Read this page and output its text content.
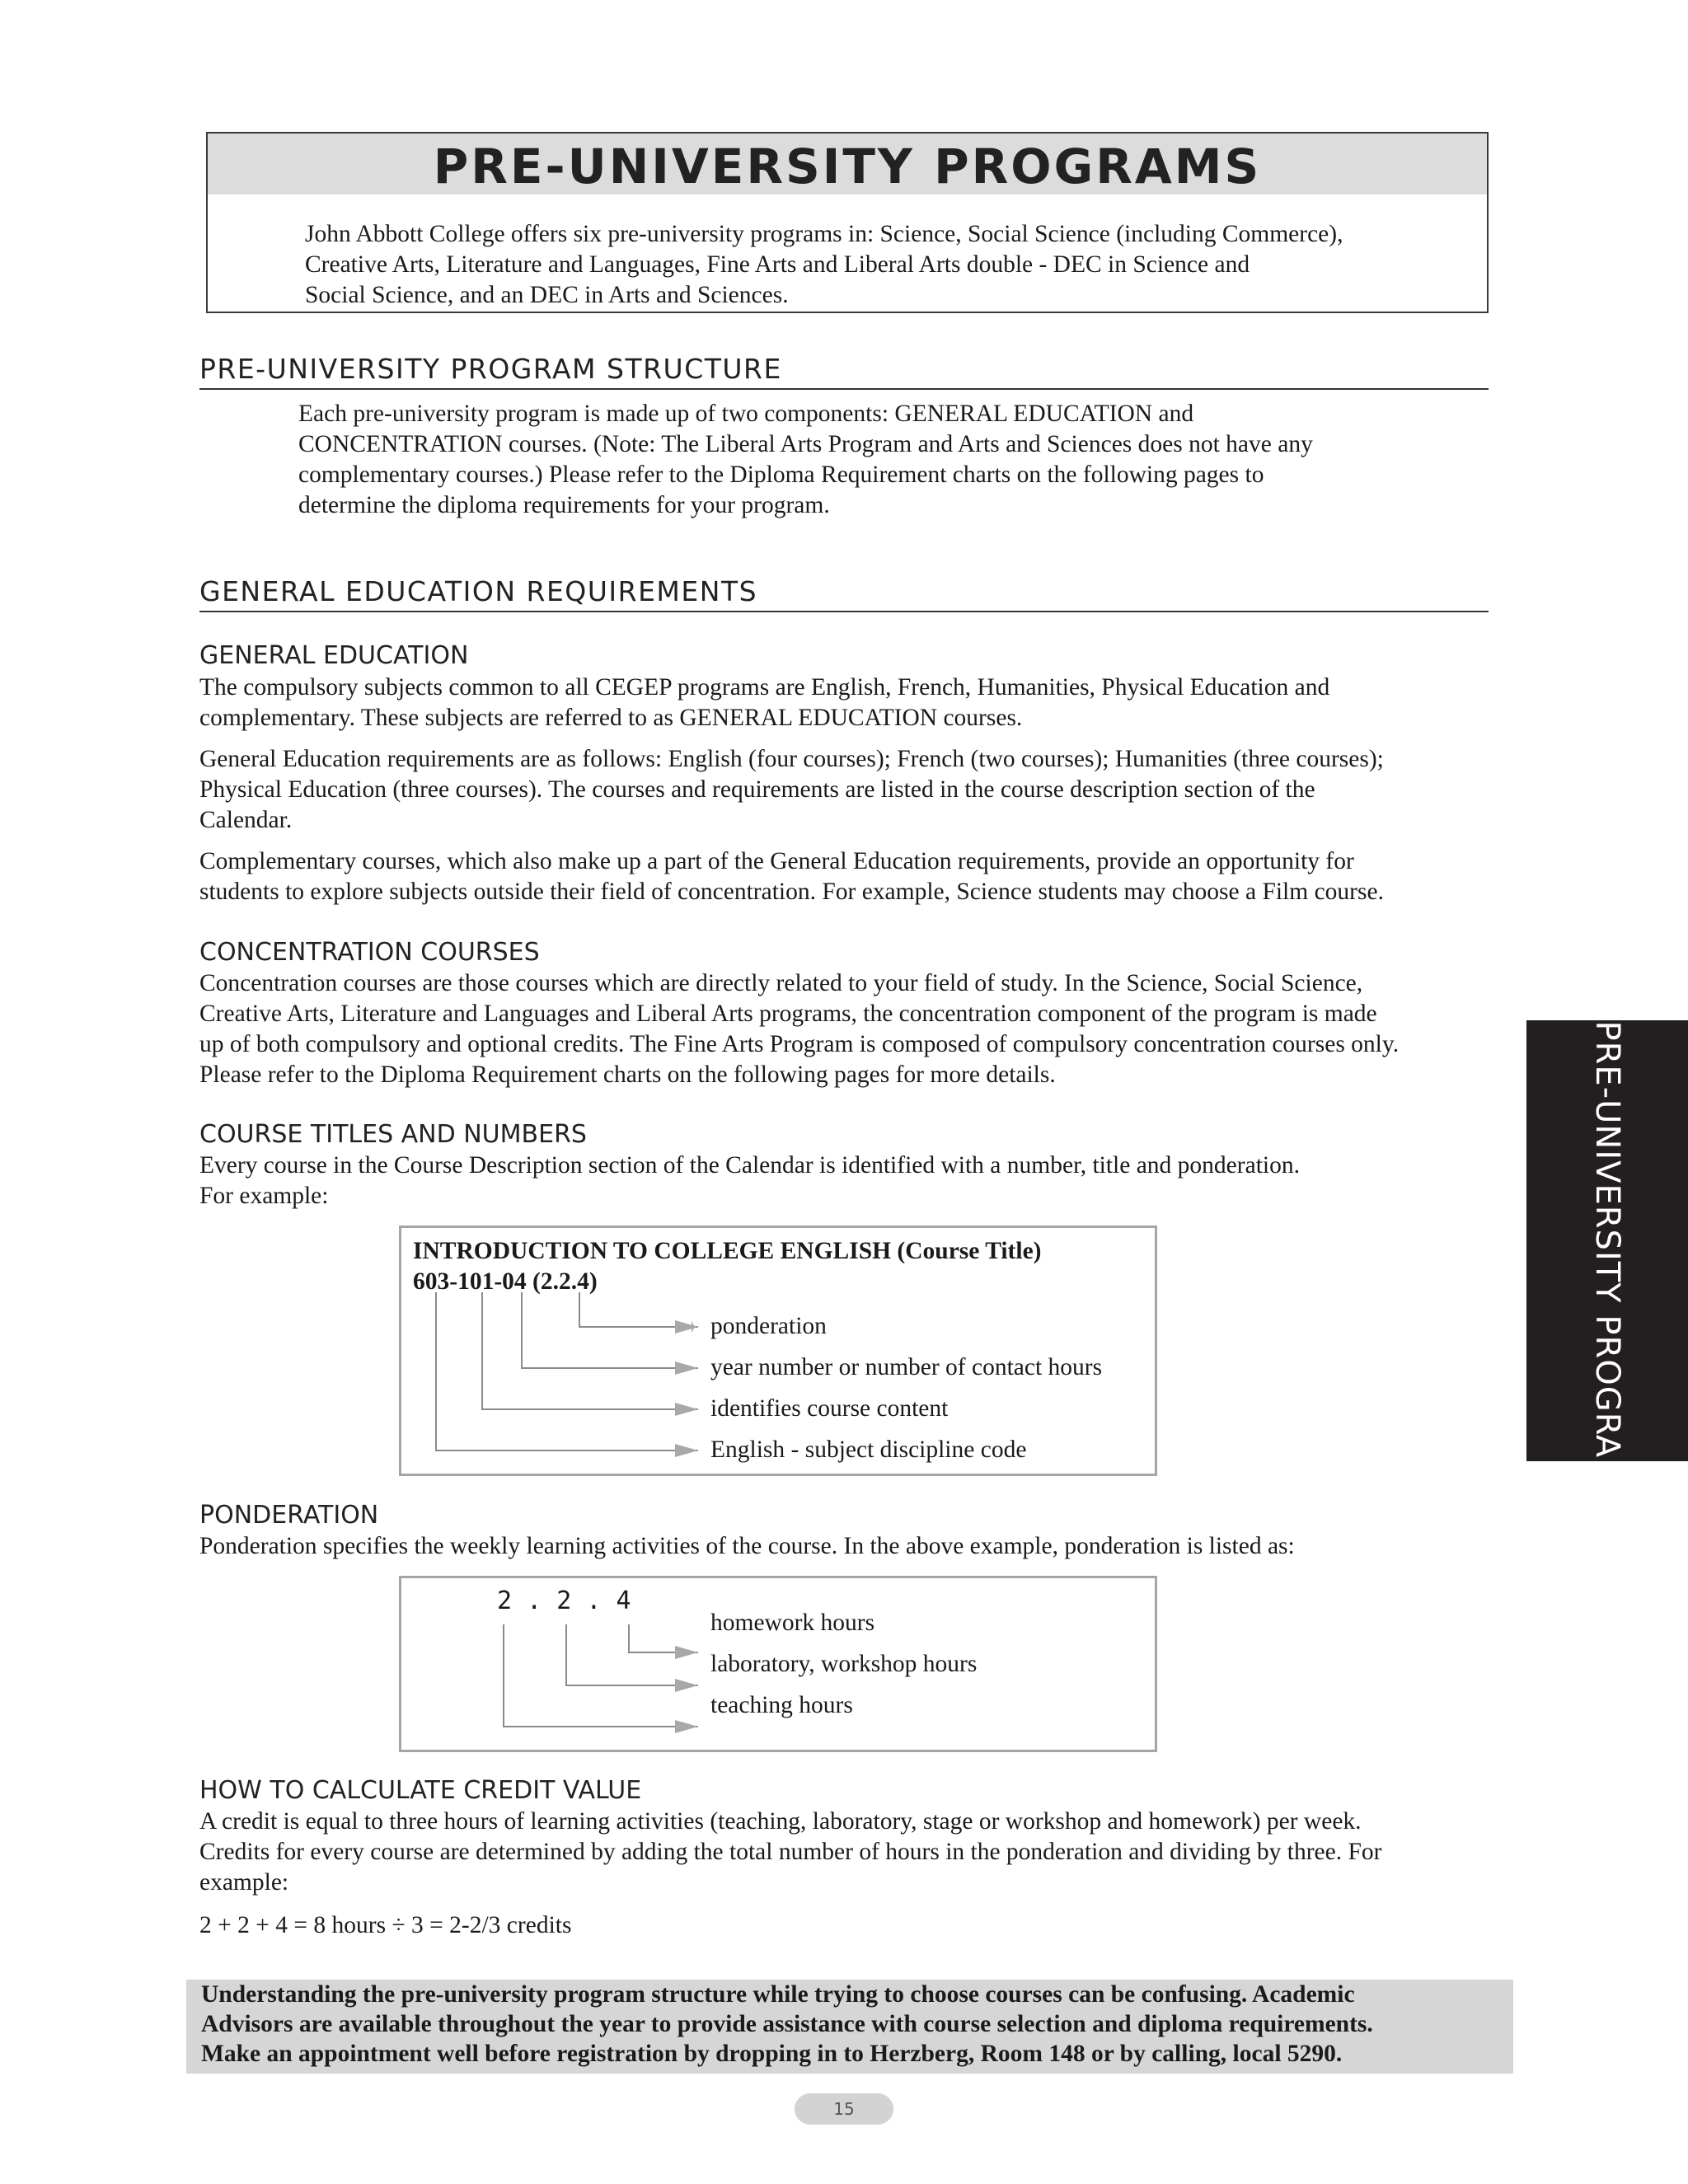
PRE-UNIVERSITY PROGRAMS

John Abbott College offers six pre-university programs in: Science, Social Science (including Commerce),

Creative Arts, Literature and Languages, Fine Arts and Liberal Arts double - DEC in Science and

Social Science, and an DEC in Arts and Sciences.

PRE-UNIVERSITY PROGRAM STRUCTURE

Each pre-university program is made up of two components: GENERAL EDUCATION and

CONCENTRATION courses. (Note: The Liberal Arts Program and Arts and Sciences does not have any

complementary courses.) Please refer to the Diploma Requirement charts on the following pages to

determine the diploma requirements for your program.

GENERAL EDUCATION REQUIREMENTS
GENERAL EDUCATION

The compulsory subjects common to all CEGEP programs are English, French, Humanities, Physical Education and

complementary. These subjects are referred to as GENERAL EDUCATION courses.

General Education requirements are as follows: English (four courses); French (two courses); Humanities (three courses);

Physical Education (three courses). The courses and requirements are listed in the course description section of the

Calendar.

Complementary courses, which also make up a part of the General Education requirements, provide an opportunity for

students to explore subjects outside their field of concentration. For example, Science students may choose a Film course.

CONCENTRATION COURSES

Concentration courses are those courses which are directly related to your field of study. In the Science, Social Science,

Creative Arts, Literature and Languages and Liberal Arts programs, the concentration component of the program is made

up of both compulsory and optional credits. The Fine Arts Program is composed of compulsory concentration courses only.

Please refer to the Diploma Requirement charts on the following pages for more details.

COURSE TITLES AND NUMBERS

Every course in the Course Description section of the Calendar is identified with a number, title and ponderation.

For example:

INTRODUCTION TO COLLEGE ENGLISH (Course Title)
603-101-04 (2.2.4)
ponderation
year number or number of contact hours
identifies course content
English - subject discipline code
PONDERATION

Ponderation specifies the weekly learning activities of the course. In the above example, ponderation is listed as:

2 . 2 . 4
homework hours
laboratory, workshop hours
teaching hours
HOW TO CALCULATE CREDIT VALUE

A credit is equal to three hours of learning activities (teaching, laboratory, stage or workshop and homework) per week.

Credits for every course are determined by adding the total number of hours in the ponderation and dividing by three. For

example:

2 + 2 + 4 = 8 hours ÷ 3 = 2-2/3 credits
Understanding the pre-university program structure while trying to choose courses can be confusing. Academic
Advisors are available throughout the year to provide assistance with course selection and diploma requirements.
Make an appointment well before registration by dropping in to Herzberg, Room 148 or by calling, local 5290.
PRE-UNIVERSITY PROGRAMS
15
